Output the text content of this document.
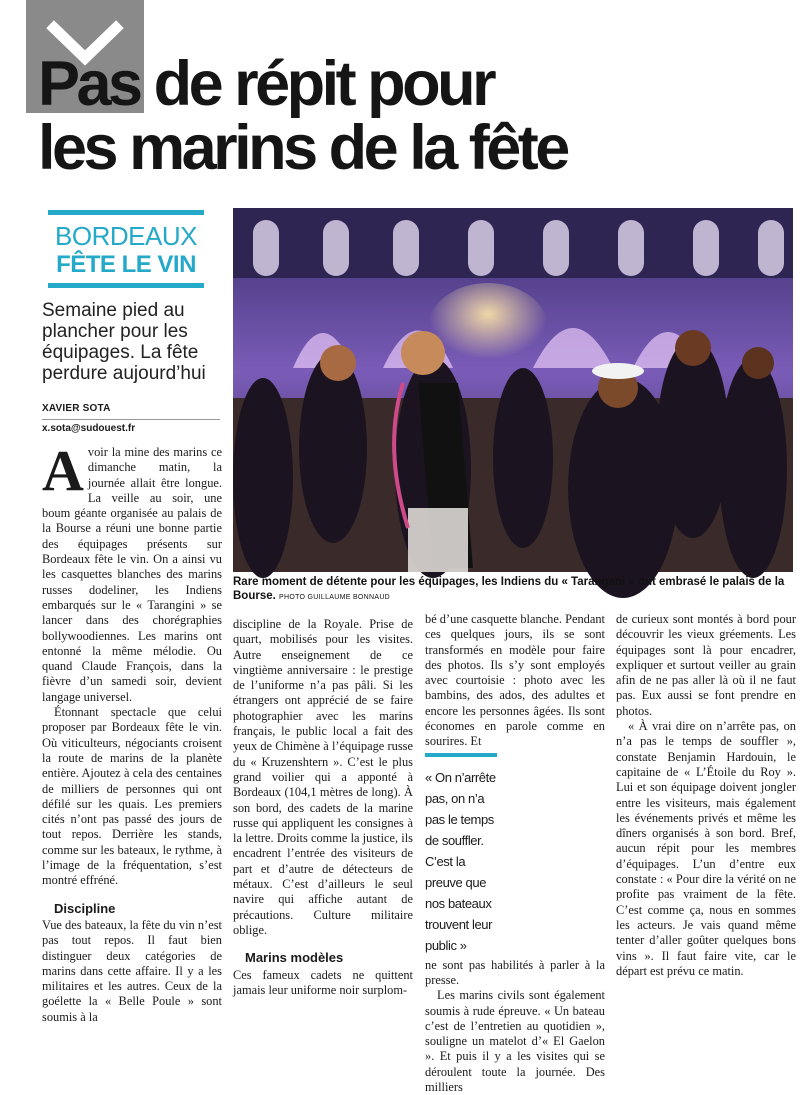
Pas de répit pour
les marins de la fête
BORDEAUX
FÊTE LE VIN
Semaine pied au plancher pour les équipages. La fête perdure aujourd’hui
XAVIER SOTA
x.sota@sudouest.fr
Rare moment de détente pour les équipages, les Indiens du « Tarangani » ont embrasé le palais de la Bourse. PHOTO GUILLAUME BONNAUD

Avoir la mine des marins ce dimanche matin, la journée allait être longue. La veille au soir, une boum géante organisée au palais de la Bourse a réuni une bonne partie des équipages présents sur Bordeaux fête le vin. On a ainsi vu les casquettes blanches des marins russes dodeliner, les Indiens embarqués sur le « Tarangini » se lancer dans des chorégraphies bollywoodiennes. Les marins ont entonné la même mélodie. Ou quand Claude François, dans la fièvre d’un samedi soir, devient langage universel.

Étonnant spectacle que celui proposer par Bordeaux fête le vin. Où viticulteurs, négociants croisent la route de marins de la planète entière. Ajoutez à cela des centaines de milliers de personnes qui ont défilé sur les quais. Les premiers cités n’ont pas passé des jours de tout repos. Derrière les stands, comme sur les bateaux, le rythme, à l’image de la fréquentation, s’est montré effréné.

Discipline

Vue des bateaux, la fête du vin n’est pas tout repos. Il faut bien distinguer deux catégories de marins dans cette affaire. Il y a les militaires et les autres. Ceux de la goélette la « Belle Poule » sont soumis à la

discipline de la Royale. Prise de quart, mobilisés pour les visites. Autre enseignement de ce vingtième anniversaire : le prestige de l’uniforme n’a pas pâli. Si les étrangers ont apprécié de se faire photographier avec les marins français, le public local a fait des yeux de Chimène à l’équipage russe du « Kruzenshtern ». C’est le plus grand voilier qui a apponté à Bordeaux (104,1 mètres de long). À son bord, des cadets de la marine russe qui appliquent les consignes à la lettre. Droits comme la justice, ils encadrent l’entrée des visiteurs de part et d’autre de détecteurs de métaux. C’est d’ailleurs le seul navire qui affiche autant de précautions. Culture militaire oblige.

Marins modèles

Ces fameux cadets ne quittent jamais leur uniforme noir surplom-

bé d’une casquette blanche. Pendant ces quelques jours, ils se sont transformés en modèle pour faire des photos. Ils s’y sont employés avec courtoisie : photo avec les bambins, des ados, des adultes et encore les personnes âgées. Ils sont économes en parole comme en sourires. Et

« On n’arrête pas, on n’a pas le temps de souffler. C’est la preuve que nos bateaux trouvent leur public »

ne sont pas habilités à parler à la presse.

Les marins civils sont également soumis à rude épreuve. « Un bateau c’est de l’entretien au quotidien », souligne un matelot d’« El Gaelon ». Et puis il y a les visites qui se déroulent toute la journée. Des milliers

de curieux sont montés à bord pour découvrir les vieux gréements. Les équipages sont là pour encadrer, expliquer et surtout veiller au grain afin de ne pas aller là où il ne faut pas. Eux aussi se font prendre en photos.

« À vrai dire on n’arrête pas, on n’a pas le temps de souffler », constate Benjamin Hardouin, le capitaine de « L’Étoile du Roy ». Lui et son équipage doivent jongler entre les visiteurs, mais également les événements privés et même les dîners organisés à son bord. Bref, aucun répit pour les membres d’équipages. L’un d’entre eux constate : « Pour dire la vérité on ne profite pas vraiment de la fête. C’est comme ça, nous en sommes les acteurs. Je vais quand même tenter d’aller goûter quelques bons vins ». Il faut faire vite, car le départ est prévu ce matin.
